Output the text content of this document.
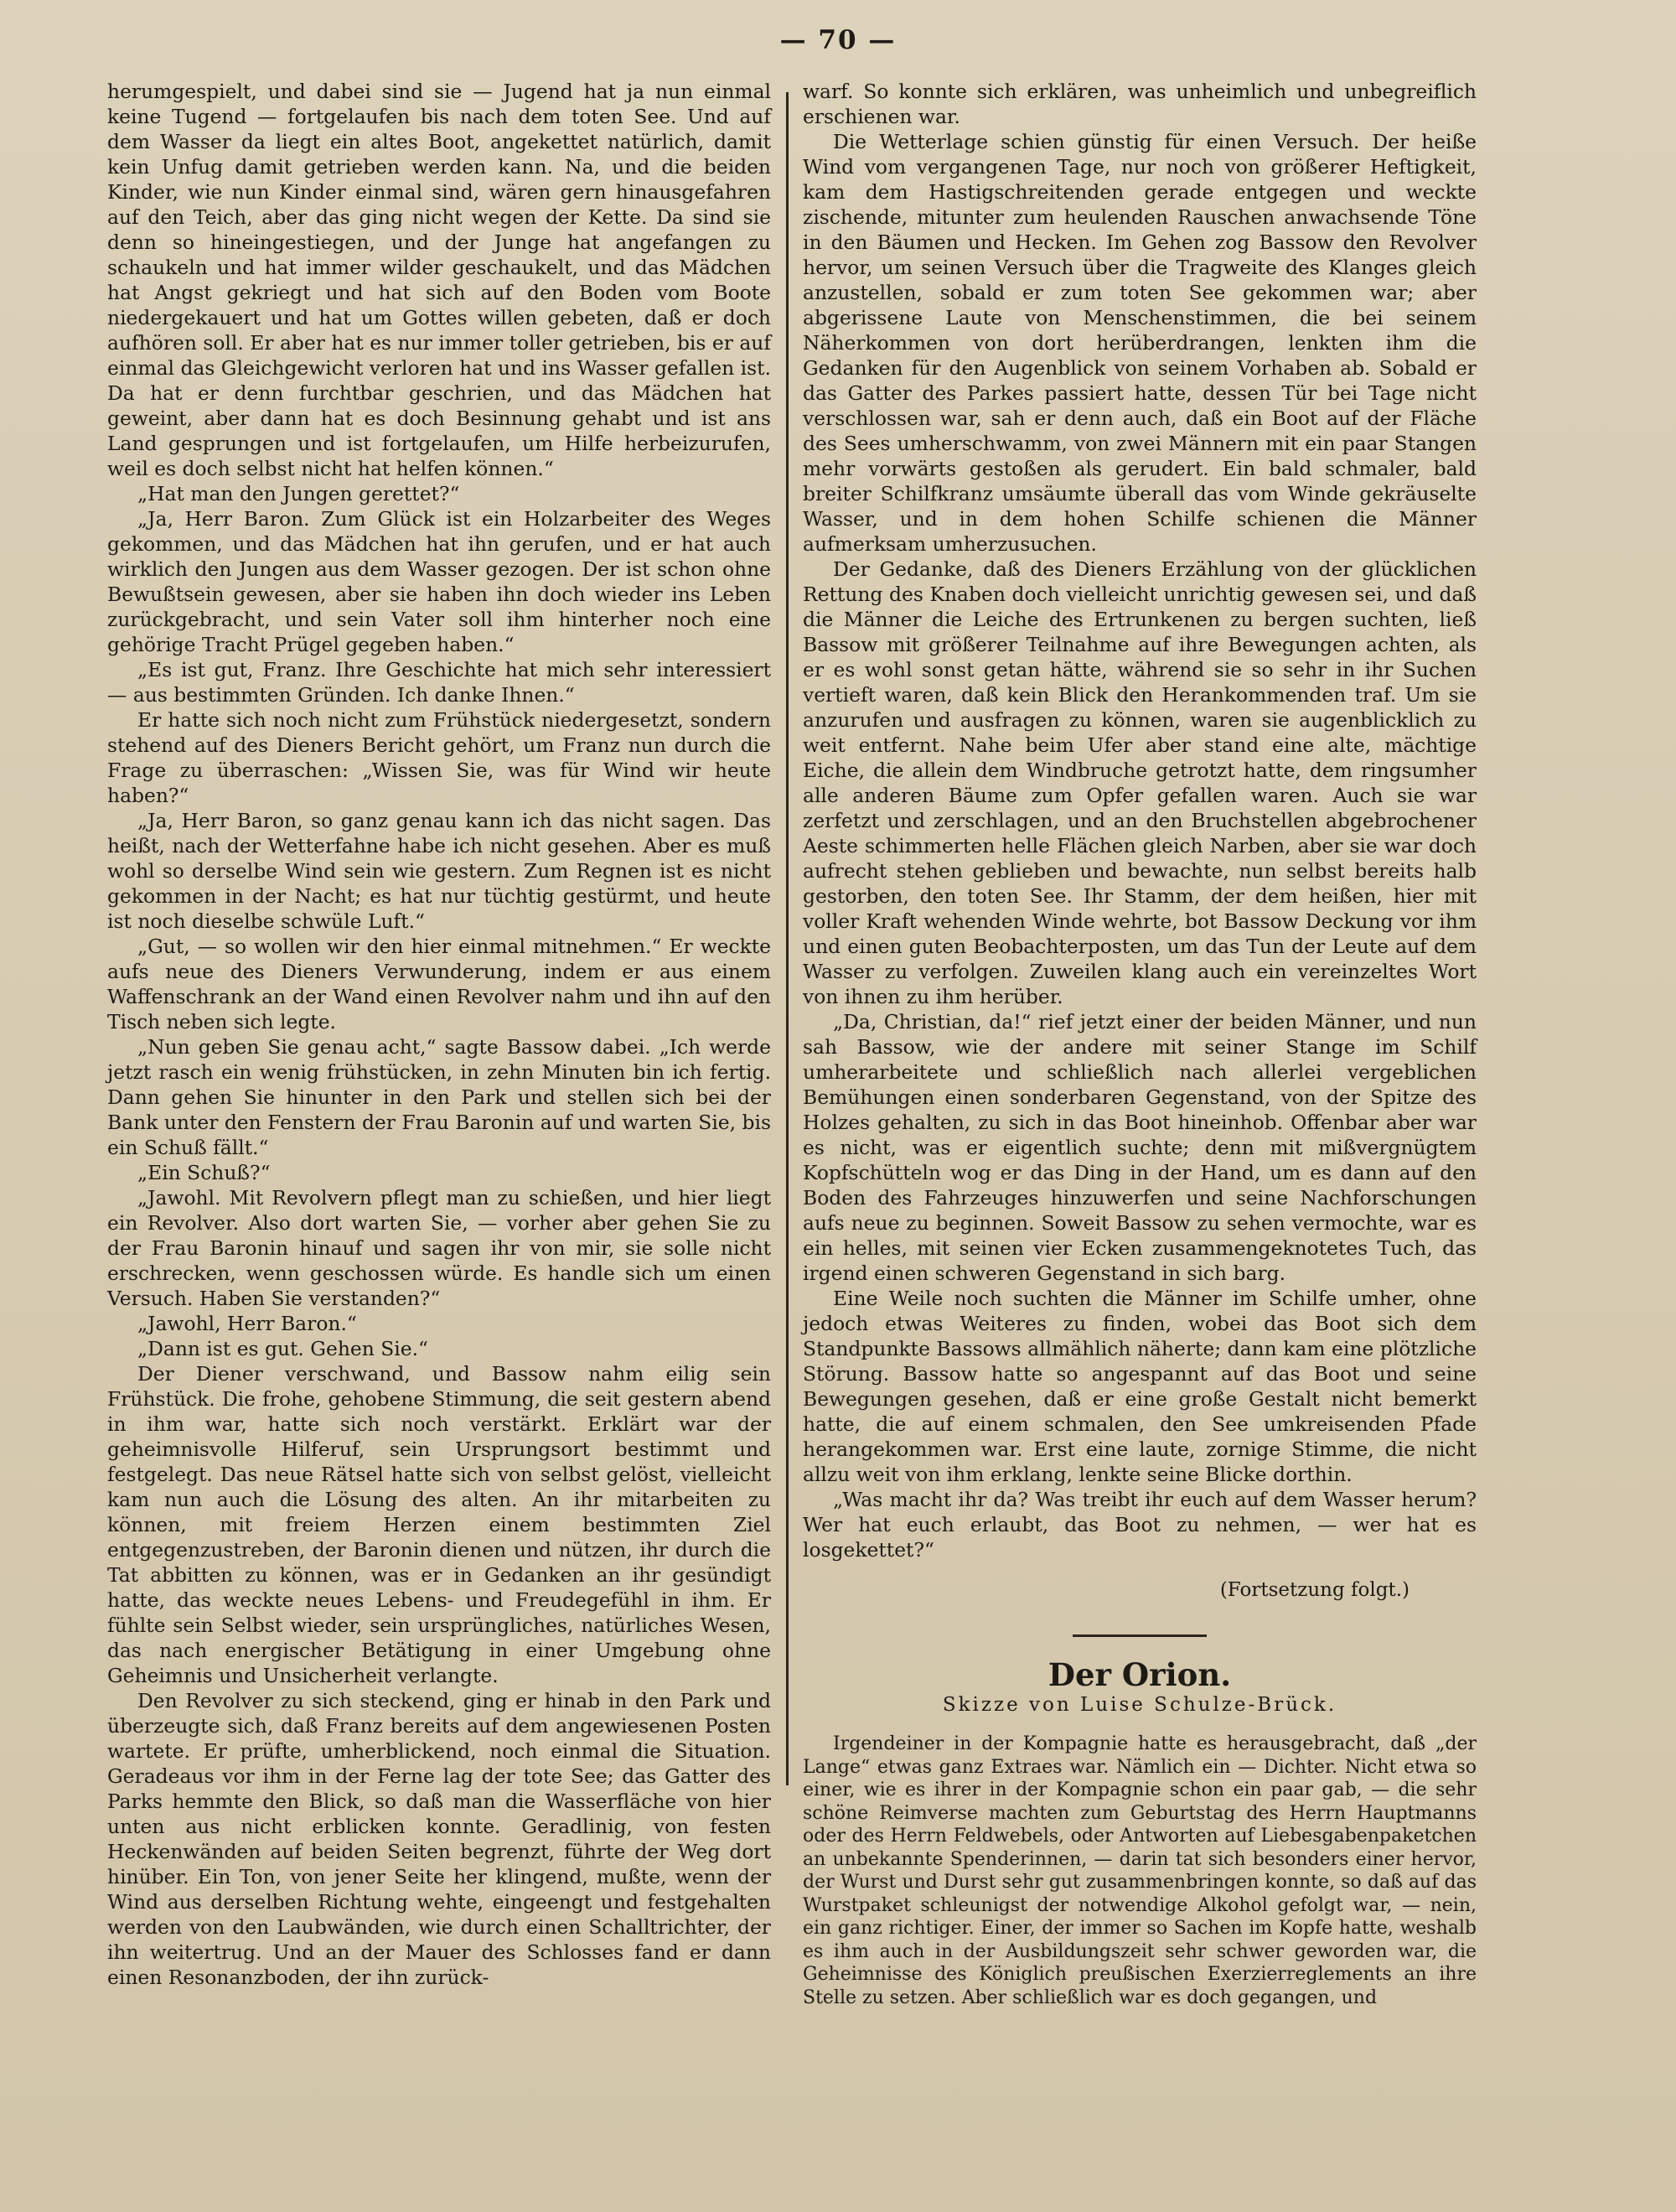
— 70 —

herumgespielt, und dabei sind sie — Jugend hat ja nun einmal keine Tugend — fortgelaufen bis nach dem toten See. Und auf dem Wasser da liegt ein altes Boot, angekettet natürlich, damit kein Unfug damit getrieben werden kann. Na, und die beiden Kinder, wie nun Kinder einmal sind, wären gern hinausgefahren auf den Teich, aber das ging nicht wegen der Kette. Da sind sie denn so hineingestiegen, und der Junge hat angefangen zu schaukeln und hat immer wilder geschaukelt, und das Mädchen hat Angst gekriegt und hat sich auf den Boden vom Boote niedergekauert und hat um Gottes willen gebeten, daß er doch aufhören soll. Er aber hat es nur immer toller getrieben, bis er auf einmal das Gleichgewicht verloren hat und ins Wasser gefallen ist. Da hat er denn furchtbar geschrien, und das Mädchen hat geweint, aber dann hat es doch Besinnung gehabt und ist ans Land gesprungen und ist fortgelaufen, um Hilfe herbeizurufen, weil es doch selbst nicht hat helfen können.“

„Hat man den Jungen gerettet?“

„Ja, Herr Baron. Zum Glück ist ein Holzarbeiter des Weges gekommen, und das Mädchen hat ihn gerufen, und er hat auch wirklich den Jungen aus dem Wasser gezogen. Der ist schon ohne Bewußtsein gewesen, aber sie haben ihn doch wieder ins Leben zurückgebracht, und sein Vater soll ihm hinterher noch eine gehörige Tracht Prügel gegeben haben.“

„Es ist gut, Franz. Ihre Geschichte hat mich sehr interessiert — aus bestimmten Gründen. Ich danke Ihnen.“

Er hatte sich noch nicht zum Frühstück niedergesetzt, sondern stehend auf des Dieners Bericht gehört, um Franz nun durch die Frage zu überraschen: „Wissen Sie, was für Wind wir heute haben?“

„Ja, Herr Baron, so ganz genau kann ich das nicht sagen. Das heißt, nach der Wetterfahne habe ich nicht gesehen. Aber es muß wohl so derselbe Wind sein wie gestern. Zum Regnen ist es nicht gekommen in der Nacht; es hat nur tüchtig gestürmt, und heute ist noch dieselbe schwüle Luft.“

„Gut, — so wollen wir den hier einmal mitnehmen.“ Er weckte aufs neue des Dieners Verwunderung, indem er aus einem Waffenschrank an der Wand einen Revolver nahm und ihn auf den Tisch neben sich legte.

„Nun geben Sie genau acht,“ sagte Bassow dabei. „Ich werde jetzt rasch ein wenig frühstücken, in zehn Minuten bin ich fertig. Dann gehen Sie hinunter in den Park und stellen sich bei der Bank unter den Fenstern der Frau Baronin auf und warten Sie, bis ein Schuß fällt.“

„Ein Schuß?“

„Jawohl. Mit Revolvern pflegt man zu schießen, und hier liegt ein Revolver. Also dort warten Sie, — vorher aber gehen Sie zu der Frau Baronin hinauf und sagen ihr von mir, sie solle nicht erschrecken, wenn geschossen würde. Es handle sich um einen Versuch. Haben Sie verstanden?“

„Jawohl, Herr Baron.“

„Dann ist es gut. Gehen Sie.“

Der Diener verschwand, und Bassow nahm eilig sein Frühstück. Die frohe, gehobene Stimmung, die seit gestern abend in ihm war, hatte sich noch verstärkt. Erklärt war der geheimnisvolle Hilferuf, sein Ursprungsort bestimmt und festgelegt. Das neue Rätsel hatte sich von selbst gelöst, vielleicht kam nun auch die Lösung des alten. An ihr mitarbeiten zu können, mit freiem Herzen einem bestimmten Ziel entgegenzustreben, der Baronin dienen und nützen, ihr durch die Tat abbitten zu können, was er in Gedanken an ihr gesündigt hatte, das weckte neues Lebens- und Freudegefühl in ihm. Er fühlte sein Selbst wieder, sein ursprüngliches, natürliches Wesen, das nach energischer Betätigung in einer Umgebung ohne Geheimnis und Unsicherheit verlangte.

Den Revolver zu sich steckend, ging er hinab in den Park und überzeugte sich, daß Franz bereits auf dem angewiesenen Posten wartete. Er prüfte, umherblickend, noch einmal die Situation. Geradeaus vor ihm in der Ferne lag der tote See; das Gatter des Parks hemmte den Blick, so daß man die Wasserfläche von hier unten aus nicht erblicken konnte. Geradlinig, von festen Heckenwänden auf beiden Seiten begrenzt, führte der Weg dort hinüber. Ein Ton, von jener Seite her klingend, mußte, wenn der Wind aus derselben Richtung wehte, eingeengt und festgehalten werden von den Laubwänden, wie durch einen Schalltrichter, der ihn weitertrug. Und an der Mauer des Schlosses fand er dann einen Resonanzboden, der ihn zurück-

warf. So konnte sich erklären, was unheimlich und unbegreiflich erschienen war.

Die Wetterlage schien günstig für einen Versuch. Der heiße Wind vom vergangenen Tage, nur noch von größerer Heftigkeit, kam dem Hastigschreitenden gerade entgegen und weckte zischende, mitunter zum heulenden Rauschen anwachsende Töne in den Bäumen und Hecken. Im Gehen zog Bassow den Revolver hervor, um seinen Versuch über die Tragweite des Klanges gleich anzustellen, sobald er zum toten See gekommen war; aber abgerissene Laute von Menschenstimmen, die bei seinem Näherkommen von dort herüberdrangen, lenkten ihm die Gedanken für den Augenblick von seinem Vorhaben ab. Sobald er das Gatter des Parkes passiert hatte, dessen Tür bei Tage nicht verschlossen war, sah er denn auch, daß ein Boot auf der Fläche des Sees umherschwamm, von zwei Männern mit ein paar Stangen mehr vorwärts gestoßen als gerudert. Ein bald schmaler, bald breiter Schilfkranz umsäumte überall das vom Winde gekräuselte Wasser, und in dem hohen Schilfe schienen die Männer aufmerksam umherzusuchen.

Der Gedanke, daß des Dieners Erzählung von der glücklichen Rettung des Knaben doch vielleicht unrichtig gewesen sei, und daß die Männer die Leiche des Ertrunkenen zu bergen suchten, ließ Bassow mit größerer Teilnahme auf ihre Bewegungen achten, als er es wohl sonst getan hätte, während sie so sehr in ihr Suchen vertieft waren, daß kein Blick den Herankommenden traf. Um sie anzurufen und ausfragen zu können, waren sie augenblicklich zu weit entfernt. Nahe beim Ufer aber stand eine alte, mächtige Eiche, die allein dem Windbruche getrotzt hatte, dem ringsumher alle anderen Bäume zum Opfer gefallen waren. Auch sie war zerfetzt und zerschlagen, und an den Bruchstellen abgebrochener Aeste schimmerten helle Flächen gleich Narben, aber sie war doch aufrecht stehen geblieben und bewachte, nun selbst bereits halb gestorben, den toten See. Ihr Stamm, der dem heißen, hier mit voller Kraft wehenden Winde wehrte, bot Bassow Deckung vor ihm und einen guten Beobachterposten, um das Tun der Leute auf dem Wasser zu verfolgen. Zuweilen klang auch ein vereinzeltes Wort von ihnen zu ihm herüber.

„Da, Christian, da!“ rief jetzt einer der beiden Männer, und nun sah Bassow, wie der andere mit seiner Stange im Schilf umherarbeitete und schließlich nach allerlei vergeblichen Bemühungen einen sonderbaren Gegenstand, von der Spitze des Holzes gehalten, zu sich in das Boot hineinhob. Offenbar aber war es nicht, was er eigentlich suchte; denn mit mißvergnügtem Kopfschütteln wog er das Ding in der Hand, um es dann auf den Boden des Fahrzeuges hinzuwerfen und seine Nachforschungen aufs neue zu beginnen. Soweit Bassow zu sehen vermochte, war es ein helles, mit seinen vier Ecken zusammengeknotetes Tuch, das irgend einen schweren Gegenstand in sich barg.

Eine Weile noch suchten die Männer im Schilfe umher, ohne jedoch etwas Weiteres zu finden, wobei das Boot sich dem Standpunkte Bassows allmählich näherte; dann kam eine plötzliche Störung. Bassow hatte so angespannt auf das Boot und seine Bewegungen gesehen, daß er eine große Gestalt nicht bemerkt hatte, die auf einem schmalen, den See umkreisenden Pfade herangekommen war. Erst eine laute, zornige Stimme, die nicht allzu weit von ihm erklang, lenkte seine Blicke dorthin.

„Was macht ihr da? Was treibt ihr euch auf dem Wasser herum? Wer hat euch erlaubt, das Boot zu nehmen, — wer hat es losgekettet?“

(Fortsetzung folgt.)
Der Orion.
Skizze von Luise Schulze-Brück.

Irgendeiner in der Kompagnie hatte es herausgebracht, daß „der Lange“ etwas ganz Extraes war. Nämlich ein — Dichter. Nicht etwa so einer, wie es ihrer in der Kompagnie schon ein paar gab, — die sehr schöne Reimverse machten zum Geburtstag des Herrn Hauptmanns oder des Herrn Feldwebels, oder Antworten auf Liebesgabenpaketchen an unbekannte Spenderinnen, — darin tat sich besonders einer hervor, der Wurst und Durst sehr gut zusammenbringen konnte, so daß auf das Wurstpaket schleunigst der notwendige Alkohol gefolgt war, — nein, ein ganz richtiger. Einer, der immer so Sachen im Kopfe hatte, weshalb es ihm auch in der Ausbildungszeit sehr schwer geworden war, die Geheimnisse des Königlich preußischen Exerzierreglements an ihre Stelle zu setzen. Aber schließlich war es doch gegangen, und
